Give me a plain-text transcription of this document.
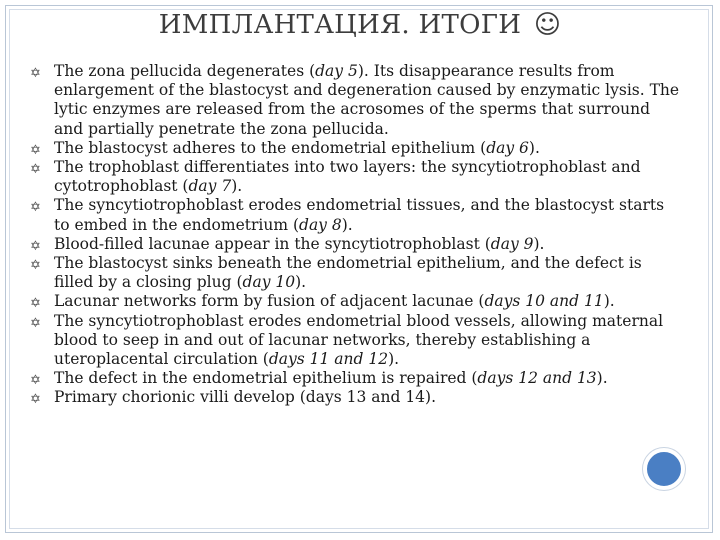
ИМПЛАНТАЦИЯ. ИТОГИ ☺
✡ The zona pellucida degenerates (day 5). Its disappearance results from enlargement of the blastocyst and degeneration caused by enzymatic lysis. The lytic enzymes are released from the acrosomes of the sperms that surround and partially penetrate the zona pellucida.
✡ The blastocyst adheres to the endometrial epithelium (day 6).
✡ The trophoblast differentiates into two layers: the syncytiotrophoblast and cytotrophoblast (day 7).
✡ The syncytiotrophoblast erodes endometrial tissues, and the blastocyst starts to embed in the endometrium (day 8).
✡ Blood-filled lacunae appear in the syncytiotrophoblast (day 9).
✡ The blastocyst sinks beneath the endometrial epithelium, and the defect is filled by a closing plug (day 10).
✡ Lacunar networks form by fusion of adjacent lacunae (days 10 and 11).
✡ The syncytiotrophoblast erodes endometrial blood vessels, allowing maternal blood to seep in and out of lacunar networks, thereby establishing a uteroplacental circulation (days 11 and 12).
✡ The defect in the endometrial epithelium is repaired (days 12 and 13).
✡ Primary chorionic villi develop (days 13 and 14).
